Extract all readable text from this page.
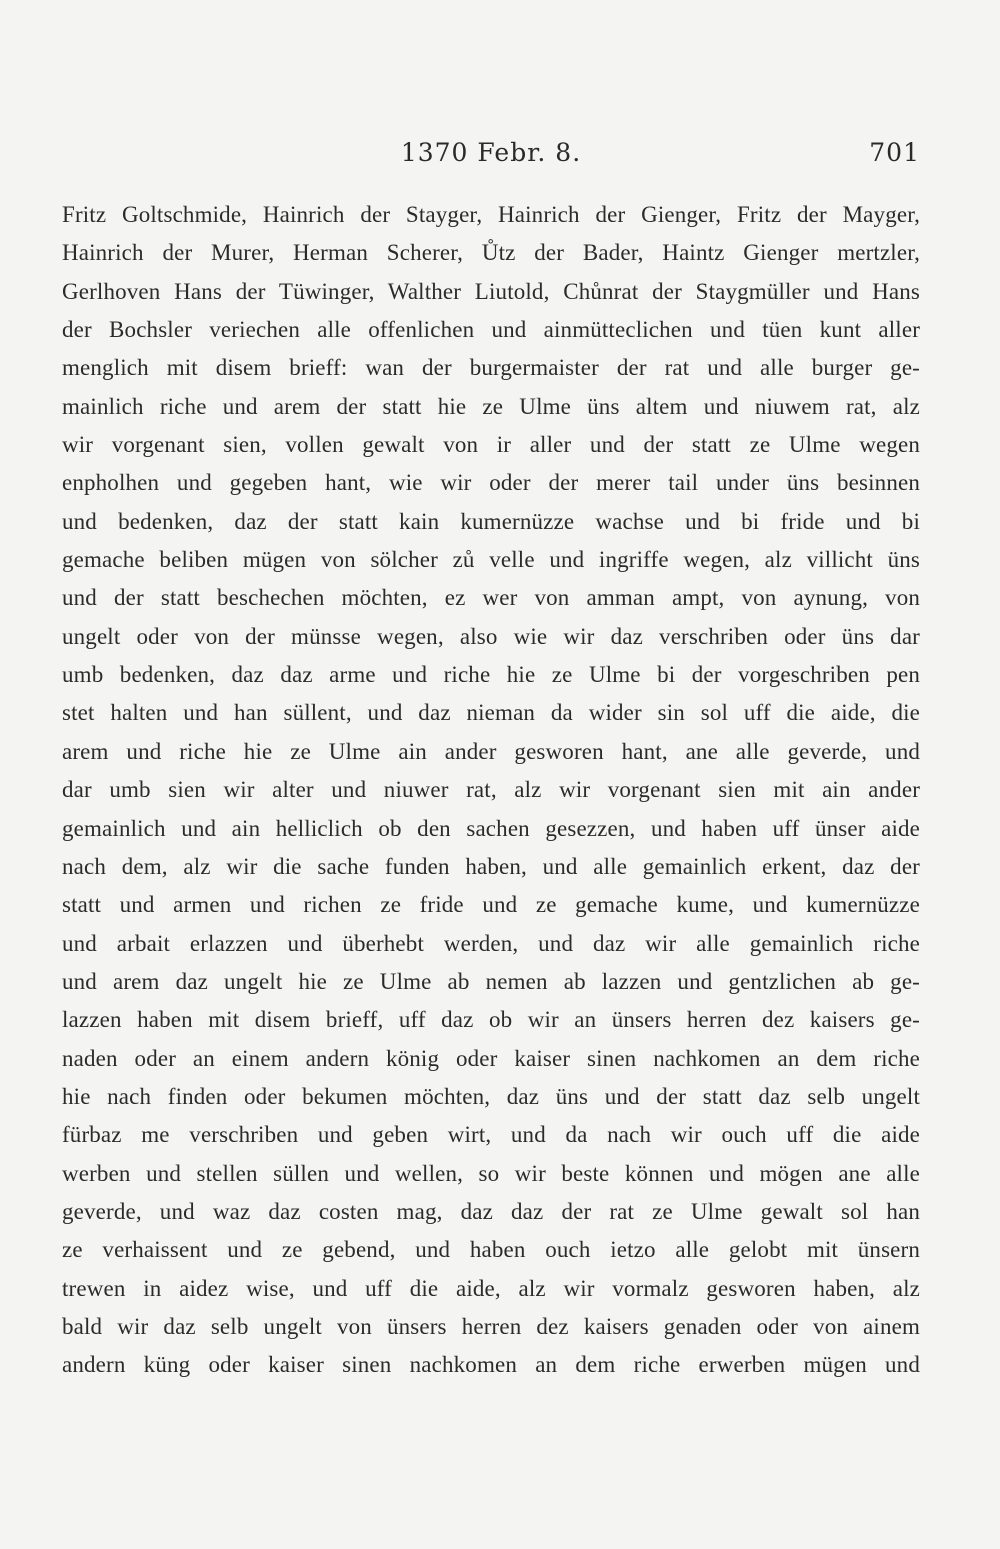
1370 Febr. 8.	701
Fritz Goltschmide, Hainrich der Stayger, Hainrich der Gienger, Fritz der Mayger,
Hainrich der Murer, Herman Scherer, Ůtz der Bader, Haintz Gienger mertzler,
Gerlhoven Hans der Tüwinger, Walther Liutold, Chůnrat der Staygmüller und Hans
der Bochsler veriechen alle offenlichen und ainmütteclichen und tüen kunt aller
menglich mit disem brieff: wan der burgermaister der rat und alle burger ge-
mainlich riche und arem der statt hie ze Ulme üns altem und niuwem rat, alz
wir vorgenant sien, vollen gewalt von ir aller und der statt ze Ulme wegen
enpholhen und gegeben hant, wie wir oder der merer tail under üns besinnen
und bedenken, daz der statt kain kumernüzze wachse und bi fride und bi
gemache beliben mügen von sölcher zů velle und ingriffe wegen, alz villicht üns
und der statt beschechen möchten, ez wer von amman ampt, von aynung, von
ungelt oder von der münsse wegen, also wie wir daz verschriben oder üns dar
umb bedenken, daz daz arme und riche hie ze Ulme bi der vorgeschriben pen
stet halten und han süllent, und daz nieman da wider sin sol uff die aide, die
arem und riche hie ze Ulme ain ander gesworen hant, ane alle geverde, und
dar umb sien wir alter und niuwer rat, alz wir vorgenant sien mit ain ander
gemainlich und ain helliclich ob den sachen gesezzen, und haben uff ünser aide
nach dem, alz wir die sache funden haben, und alle gemainlich erkent, daz der
statt und armen und richen ze fride und ze gemache kume, und kumernüzze
und arbait erlazzen und überhebt werden, und daz wir alle gemainlich riche
und arem daz ungelt hie ze Ulme ab nemen ab lazzen und gentzlichen ab ge-
lazzen haben mit disem brieff, uff daz ob wir an ünsers herren dez kaisers ge-
naden oder an einem andern könig oder kaiser sinen nachkomen an dem riche
hie nach finden oder bekumen möchten, daz üns und der statt daz selb ungelt
fürbaz me verschriben und geben wirt, und da nach wir ouch uff die aide
werben und stellen süllen und wellen, so wir beste können und mögen ane alle
geverde, und waz daz costen mag, daz daz der rat ze Ulme gewalt sol han
ze verhaissent und ze gebend, und haben ouch ietzo alle gelobt mit ünsern
trewen in aidez wise, und uff die aide, alz wir vormalz gesworen haben, alz
bald wir daz selb ungelt von ünsers herren dez kaisers genaden oder von ainem
andern küng oder kaiser sinen nachkomen an dem riche erwerben mügen und
